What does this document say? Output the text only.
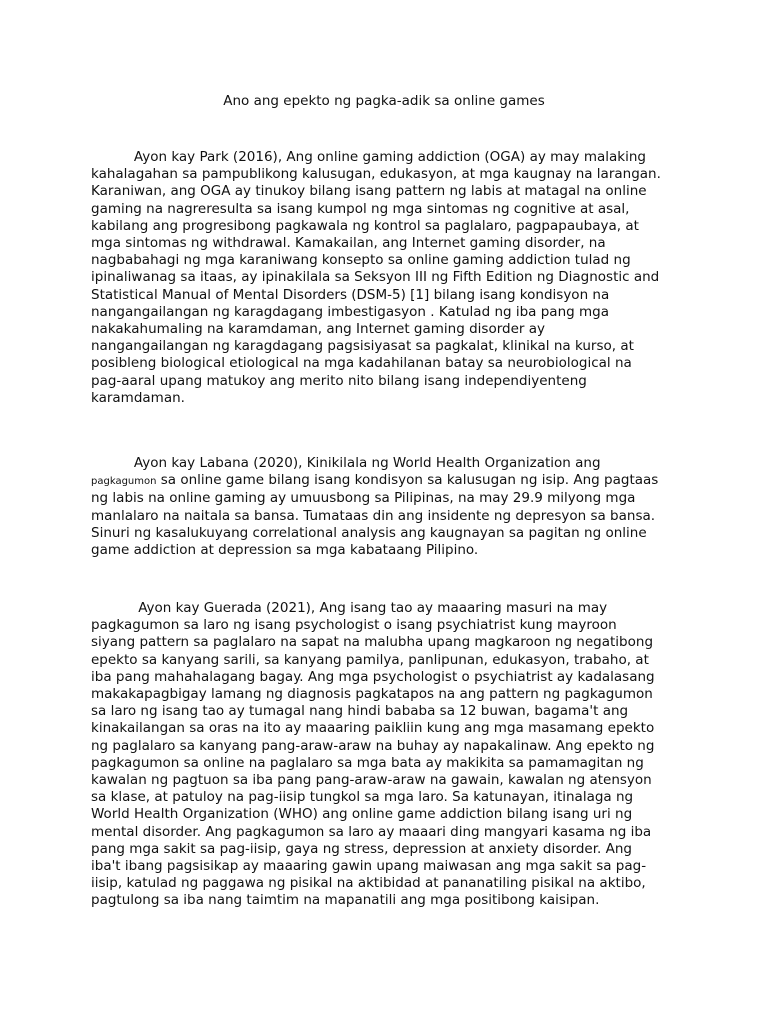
Ano ang epekto ng pagka-adik sa online games
Ayon kay Park (2016), Ang online gaming addiction (OGA) ay may malaking
kahalagahan sa pampublikong kalusugan, edukasyon, at mga kaugnay na larangan.
Karaniwan, ang OGA ay tinukoy bilang isang pattern ng labis at matagal na online
gaming na nagreresulta sa isang kumpol ng mga sintomas ng cognitive at asal,
kabilang ang progresibong pagkawala ng kontrol sa paglalaro, pagpapaubaya, at
mga sintomas ng withdrawal. Kamakailan, ang Internet gaming disorder, na
nagbabahagi ng mga karaniwang konsepto sa online gaming addiction tulad ng
ipinaliwanag sa itaas, ay ipinakilala sa Seksyon III ng Fifth Edition ng Diagnostic and
Statistical Manual of Mental Disorders (DSM-5) [1] bilang isang kondisyon na
nangangailangan ng karagdagang imbestigasyon . Katulad ng iba pang mga
nakakahumaling na karamdaman, ang Internet gaming disorder ay
nangangailangan ng karagdagang pagsisiyasat sa pagkalat, klinikal na kurso, at
posibleng biological etiological na mga kadahilanan batay sa neurobiological na
pag-aaral upang matukoy ang merito nito bilang isang independiyenteng
karamdaman.
Ayon kay Labana (2020), Kinikilala ng World Health Organization ang
pagkagumon sa online game bilang isang kondisyon sa kalusugan ng isip. Ang pagtaas
ng labis na online gaming ay umuusbong sa Pilipinas, na may 29.9 milyong mga
manlalaro na naitala sa bansa. Tumataas din ang insidente ng depresyon sa bansa.
Sinuri ng kasalukuyang correlational analysis ang kaugnayan sa pagitan ng online
game addiction at depression sa mga kabataang Pilipino.
Ayon kay Guerada (2021), Ang isang tao ay maaaring masuri na may
pagkagumon sa laro ng isang psychologist o isang psychiatrist kung mayroon
siyang pattern sa paglalaro na sapat na malubha upang magkaroon ng negatibong
epekto sa kanyang sarili, sa kanyang pamilya, panlipunan, edukasyon, trabaho, at
iba pang mahahalagang bagay. Ang mga psychologist o psychiatrist ay kadalasang
makakapagbigay lamang ng diagnosis pagkatapos na ang pattern ng pagkagumon
sa laro ng isang tao ay tumagal nang hindi bababa sa 12 buwan, bagama't ang
kinakailangan sa oras na ito ay maaaring paikliin kung ang mga masamang epekto
ng paglalaro sa kanyang pang-araw-araw na buhay ay napakalinaw. Ang epekto ng
pagkagumon sa online na paglalaro sa mga bata ay makikita sa pamamagitan ng
kawalan ng pagtuon sa iba pang pang-araw-araw na gawain, kawalan ng atensyon
sa klase, at patuloy na pag-iisip tungkol sa mga laro. Sa katunayan, itinalaga ng
World Health Organization (WHO) ang online game addiction bilang isang uri ng
mental disorder. Ang pagkagumon sa laro ay maaari ding mangyari kasama ng iba
pang mga sakit sa pag-iisip, gaya ng stress, depression at anxiety disorder. Ang
iba't ibang pagsisikap ay maaaring gawin upang maiwasan ang mga sakit sa pag-
iisip, katulad ng paggawa ng pisikal na aktibidad at pananatiling pisikal na aktibo,
pagtulong sa iba nang taimtim na mapanatili ang mga positibong kaisipan.
